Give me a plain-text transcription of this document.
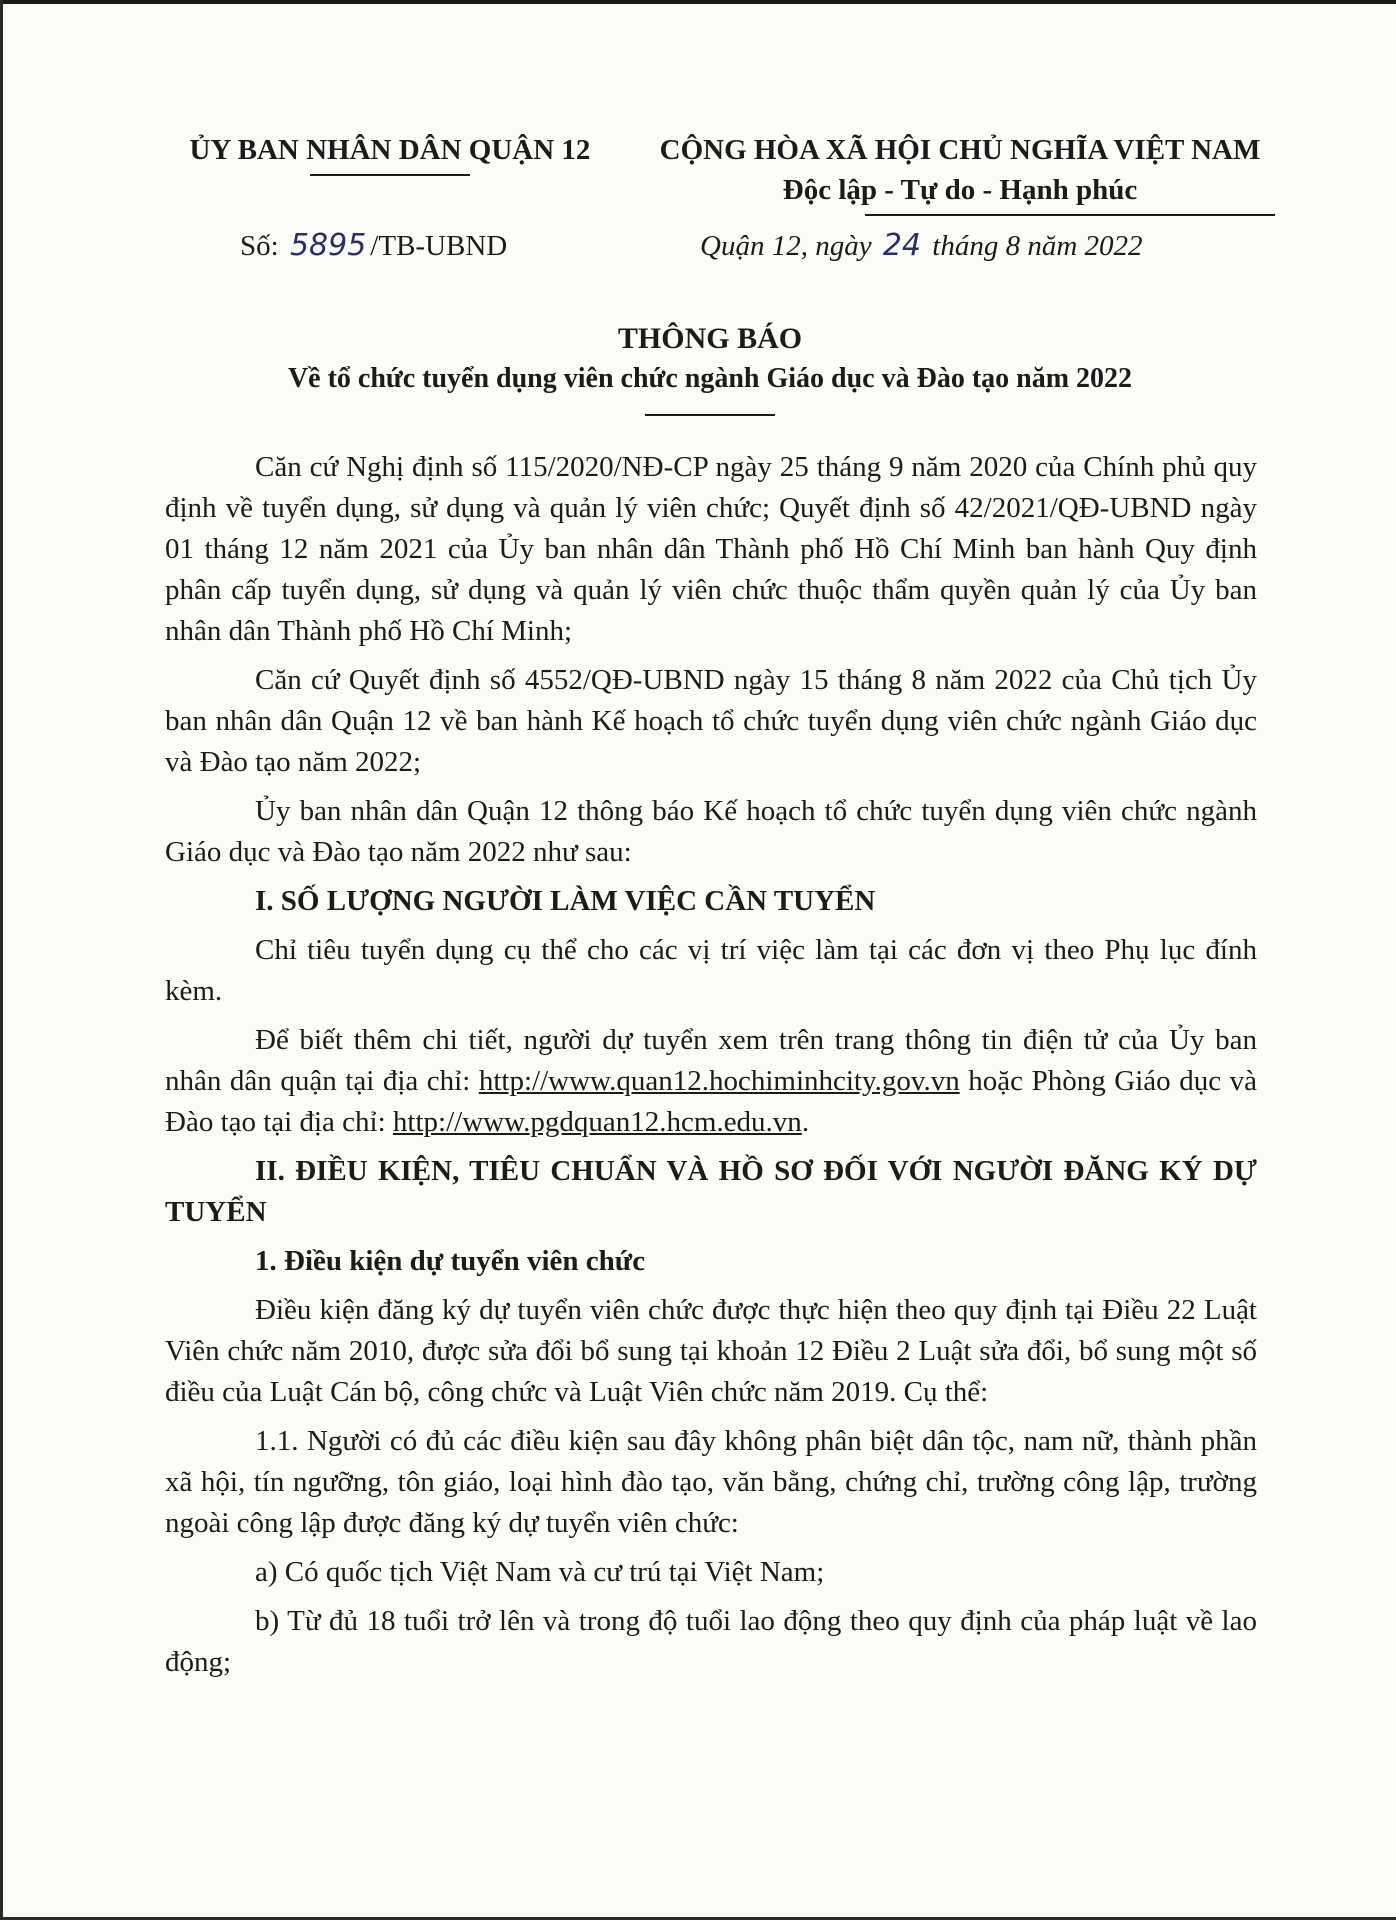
ỦY BAN NHÂN DÂN QUẬN 12	CỘNG HÒA XÃ HỘI CHỦ NGHĨA VIỆT NAM
Độc lập - Tự do - Hạnh phúc
Số: 5895 /TB-UBND	Quận 12, ngày 24 tháng 8 năm 2022
THÔNG BÁO
Về tổ chức tuyển dụng viên chức ngành Giáo dục và Đào tạo năm 2022

Căn cứ Nghị định số 115/2020/NĐ-CP ngày 25 tháng 9 năm 2020 của Chính phủ quy định về tuyển dụng, sử dụng và quản lý viên chức; Quyết định số 42/2021/QĐ-UBND ngày 01 tháng 12 năm 2021 của Ủy ban nhân dân Thành phố Hồ Chí Minh ban hành Quy định phân cấp tuyển dụng, sử dụng và quản lý viên chức thuộc thẩm quyền quản lý của Ủy ban nhân dân Thành phố Hồ Chí Minh;

Căn cứ Quyết định số 4552/QĐ-UBND ngày 15 tháng 8 năm 2022 của Chủ tịch Ủy ban nhân dân Quận 12 về ban hành Kế hoạch tổ chức tuyển dụng viên chức ngành Giáo dục và Đào tạo năm 2022;

Ủy ban nhân dân Quận 12 thông báo Kế hoạch tổ chức tuyển dụng viên chức ngành Giáo dục và Đào tạo năm 2022 như sau:

I. SỐ LƯỢNG NGƯỜI LÀM VIỆC CẦN TUYỂN

Chỉ tiêu tuyển dụng cụ thể cho các vị trí việc làm tại các đơn vị theo Phụ lục đính kèm.

Để biết thêm chi tiết, người dự tuyển xem trên trang thông tin điện tử của Ủy ban nhân dân quận tại địa chỉ: http://www.quan12.hochiminhcity.gov.vn hoặc Phòng Giáo dục và Đào tạo tại địa chỉ: http://www.pgdquan12.hcm.edu.vn.

II. ĐIỀU KIỆN, TIÊU CHUẨN VÀ HỒ SƠ ĐỐI VỚI NGƯỜI ĐĂNG KÝ DỰ TUYỂN

1. Điều kiện dự tuyển viên chức

Điều kiện đăng ký dự tuyển viên chức được thực hiện theo quy định tại Điều 22 Luật Viên chức năm 2010, được sửa đổi bổ sung tại khoản 12 Điều 2 Luật sửa đổi, bổ sung một số điều của Luật Cán bộ, công chức và Luật Viên chức năm 2019. Cụ thể:

1.1. Người có đủ các điều kiện sau đây không phân biệt dân tộc, nam nữ, thành phần xã hội, tín ngưỡng, tôn giáo, loại hình đào tạo, văn bằng, chứng chỉ, trường công lập, trường ngoài công lập được đăng ký dự tuyển viên chức:

a) Có quốc tịch Việt Nam và cư trú tại Việt Nam;

b) Từ đủ 18 tuổi trở lên và trong độ tuổi lao động theo quy định của pháp luật về lao động;
